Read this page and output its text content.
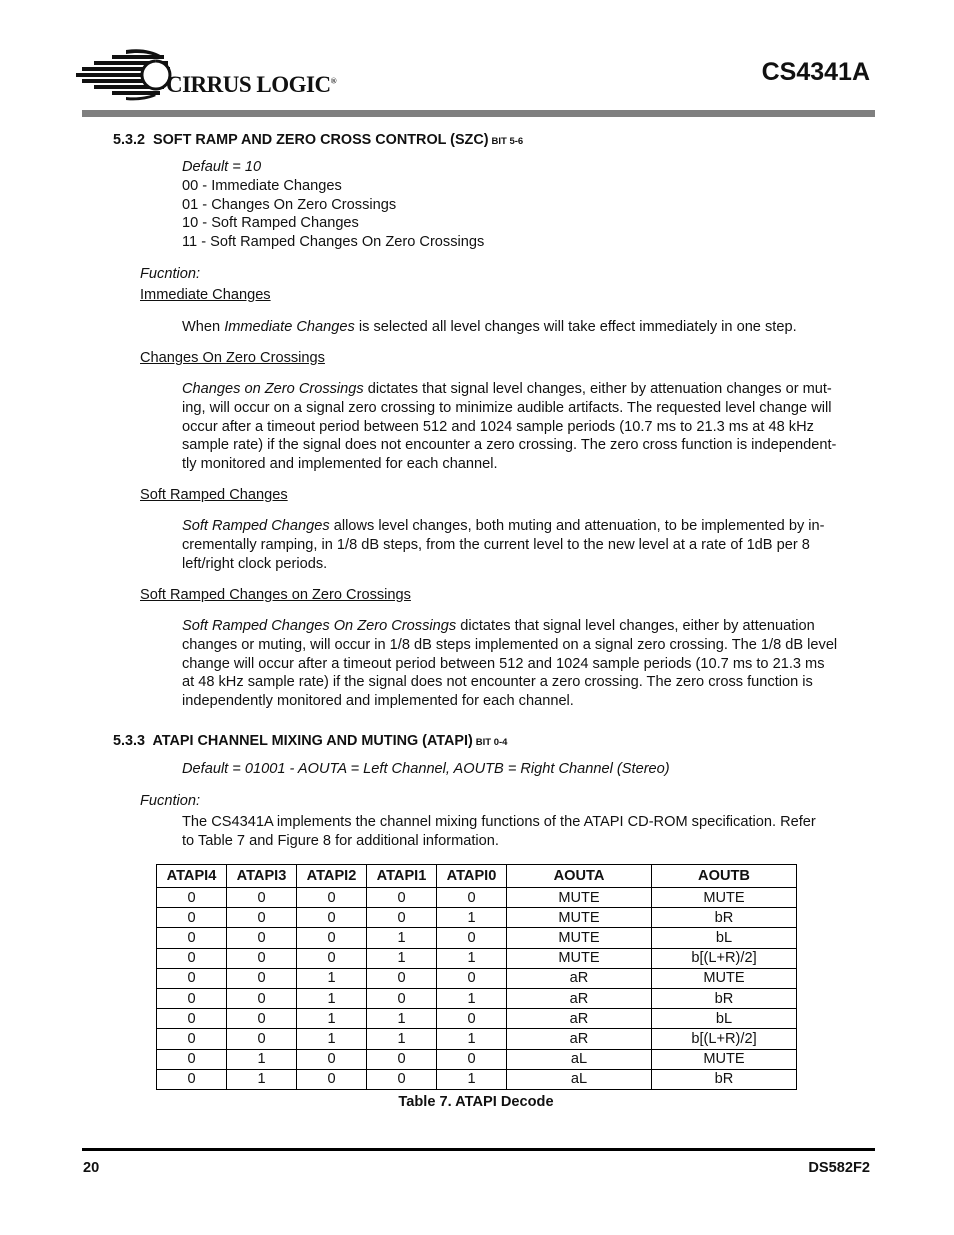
CIRRUS LOGIC®	CS4341A
5.3.2 SOFT RAMP AND ZERO CROSS CONTROL (SZC) BIT 5-6
Default = 10
00 - Immediate Changes
01 - Changes On Zero Crossings
10 - Soft Ramped Changes
11 - Soft Ramped Changes On Zero Crossings
Fucntion:
Immediate Changes
When Immediate Changes is selected all level changes will take effect immediately in one step.
Changes On Zero Crossings
Changes on Zero Crossings dictates that signal level changes, either by attenuation changes or mut-
ing, will occur on a signal zero crossing to minimize audible artifacts. The requested level change will
occur after a timeout period between 512 and 1024 sample periods (10.7 ms to 21.3 ms at 48 kHz
sample rate) if the signal does not encounter a zero crossing. The zero cross function is independent-
tly monitored and implemented for each channel.
Soft Ramped Changes
Soft Ramped Changes allows level changes, both muting and attenuation, to be implemented by in-
crementally ramping, in 1/8 dB steps, from the current level to the new level at a rate of 1dB per 8
left/right clock periods.
Soft Ramped Changes on Zero Crossings
Soft Ramped Changes On Zero Crossings dictates that signal level changes, either by attenuation
changes or muting, will occur in 1/8 dB steps implemented on a signal zero crossing. The 1/8 dB level
change will occur after a timeout period between 512 and 1024 sample periods (10.7 ms to 21.3 ms
at 48 kHz sample rate) if the signal does not encounter a zero crossing. The zero cross function is
independently monitored and implemented for each channel.
5.3.3 ATAPI CHANNEL MIXING AND MUTING (ATAPI) BIT 0-4
Default = 01001 - AOUTA = Left Channel, AOUTB = Right Channel (Stereo)
Fucntion:
The CS4341A implements the channel mixing functions of the ATAPI CD-ROM specification. Refer
to Table 7 and Figure 8 for additional information.
ATAPI4	ATAPI3	ATAPI2	ATAPI1	ATAPI0	AOUTA	AOUTB
0	0	0	0	0	MUTE	MUTE
0	0	0	0	1	MUTE	bR
0	0	0	1	0	MUTE	bL
0	0	0	1	1	MUTE	b[(L+R)/2]
0	0	1	0	0	aR	MUTE
0	0	1	0	1	aR	bR
0	0	1	1	0	aR	bL
0	0	1	1	1	aR	b[(L+R)/2]
0	1	0	0	0	aL	MUTE
0	1	0	0	1	aL	bR
Table 7. ATAPI Decode
20	DS582F2
